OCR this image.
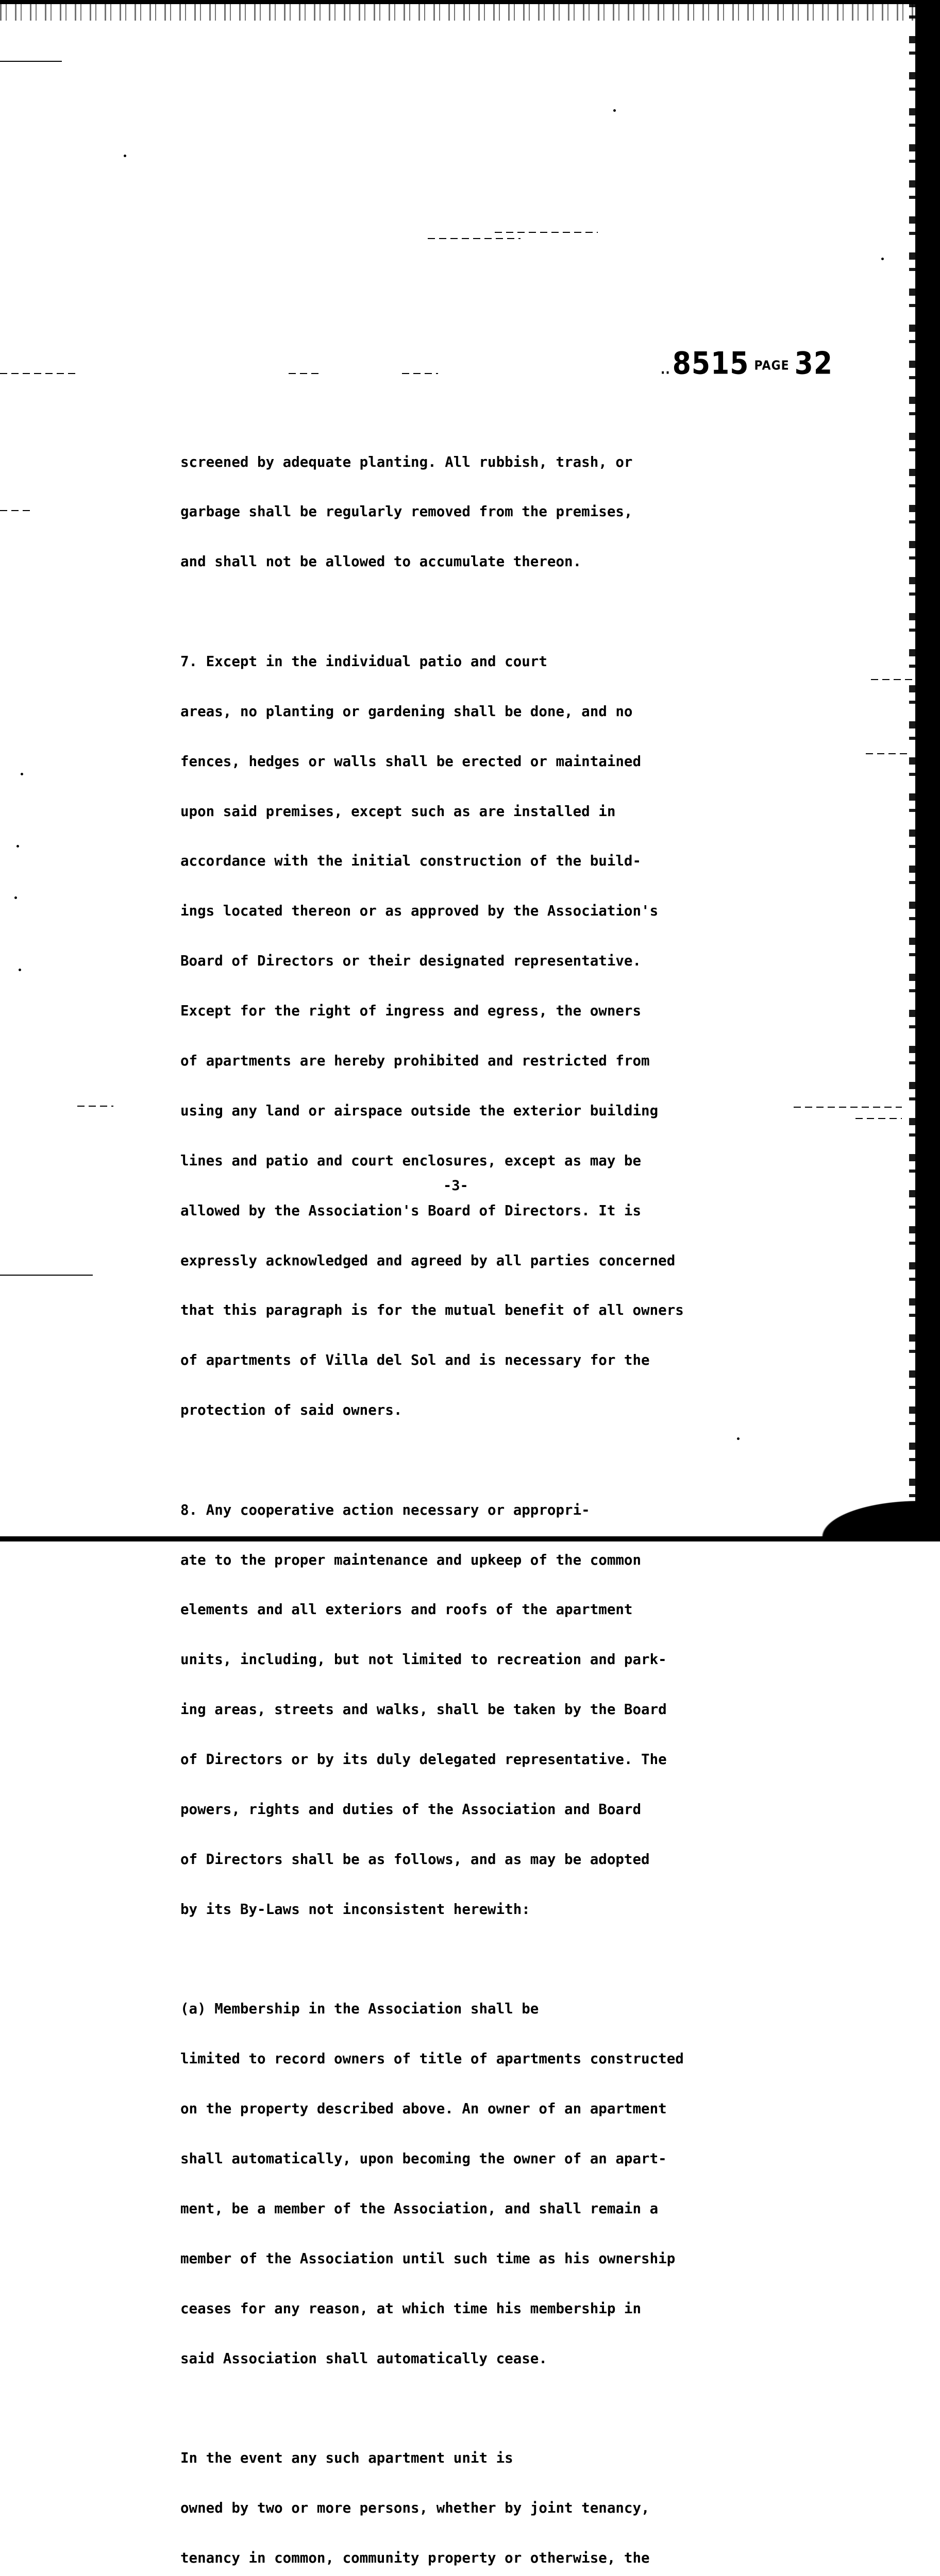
..8515 PAGE 32

screened by adequate planting. All rubbish, trash, or

garbage shall be regularly removed from the premises,

and shall not be allowed to accumulate thereon.

7. Except in the individual patio and court

areas, no planting or gardening shall be done, and no

fences, hedges or walls shall be erected or maintained

upon said premises, except such as are installed in

accordance with the initial construction of the build-

ings located thereon or as approved by the Association's

Board of Directors or their designated representative.

Except for the right of ingress and egress, the owners

of apartments are hereby prohibited and restricted from

using any land or airspace outside the exterior building

lines and patio and court enclosures, except as may be

allowed by the Association's Board of Directors. It is

expressly acknowledged and agreed by all parties concerned

that this paragraph is for the mutual benefit of all owners

of apartments of Villa del Sol and is necessary for the

protection of said owners.

8. Any cooperative action necessary or appropri-

ate to the proper maintenance and upkeep of the common

elements and all exteriors and roofs of the apartment

units, including, but not limited to recreation and park-

ing areas, streets and walks, shall be taken by the Board

of Directors or by its duly delegated representative. The

powers, rights and duties of the Association and Board

of Directors shall be as follows, and as may be adopted

by its By-Laws not inconsistent herewith:

(a) Membership in the Association shall be

limited to record owners of title of apartments constructed

on the property described above. An owner of an apartment

shall automatically, upon becoming the owner of an apart-

ment, be a member of the Association, and shall remain a

member of the Association until such time as his ownership

ceases for any reason, at which time his membership in

said Association shall automatically cease.

In the event any such apartment unit is

owned by two or more persons, whether by joint tenancy,

tenancy in common, community property or otherwise, the

-3-
